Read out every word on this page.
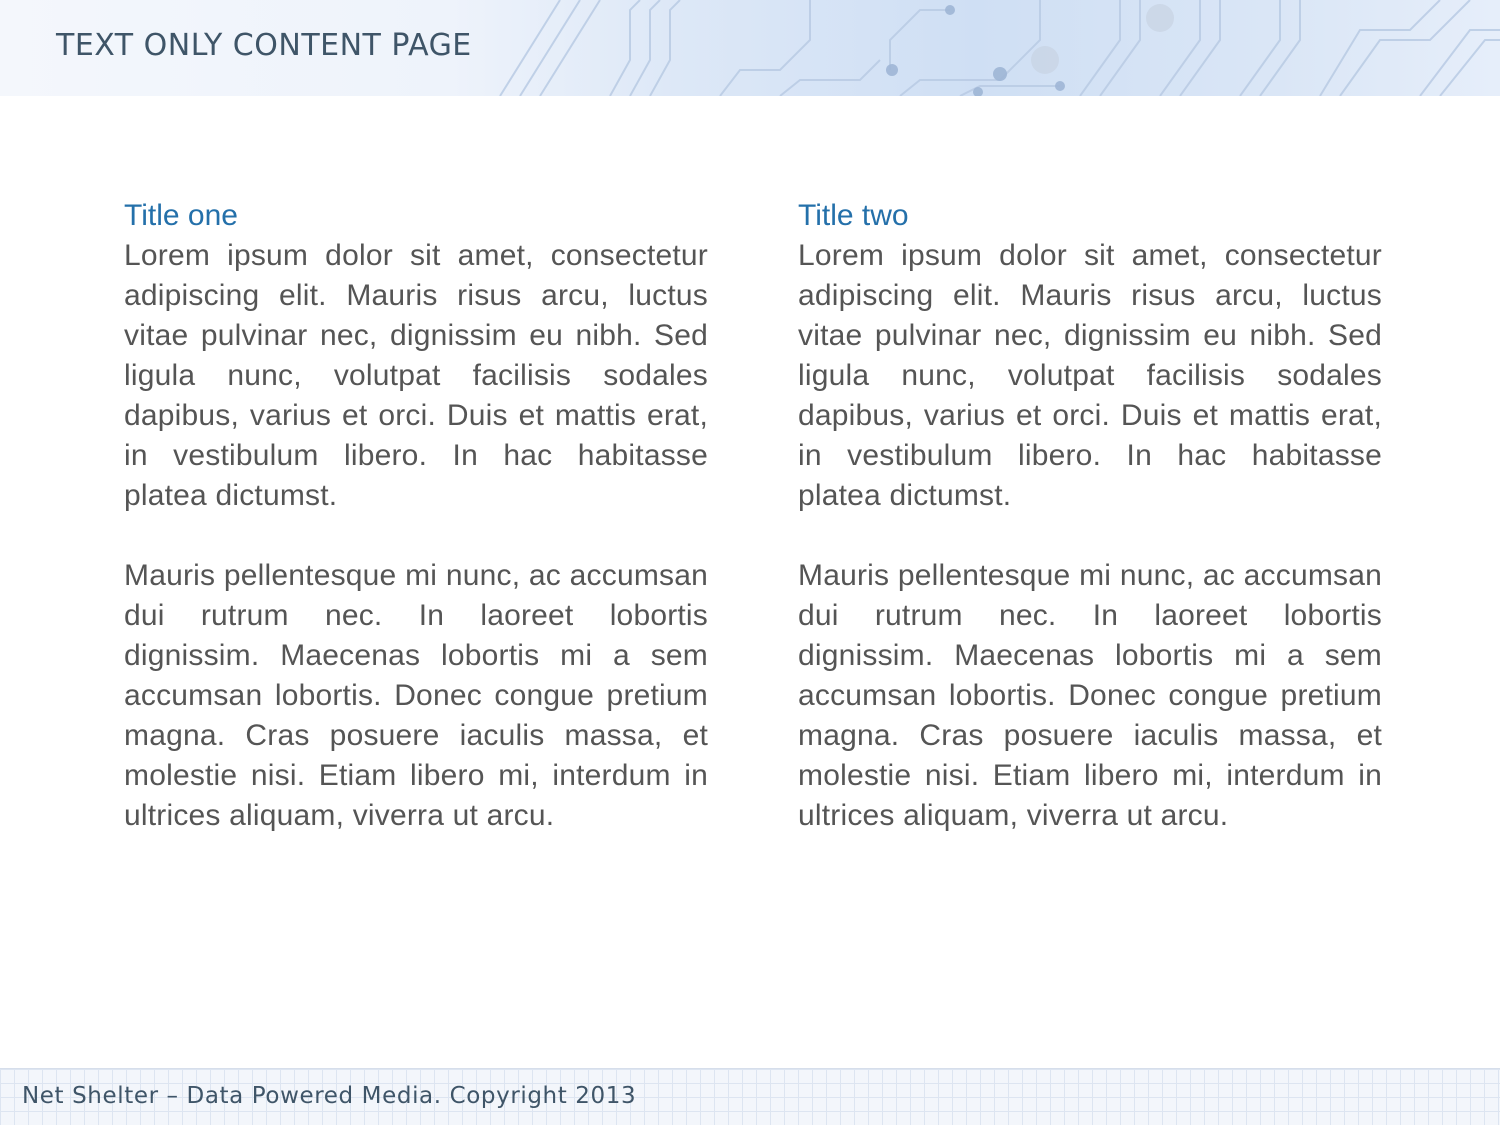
TEXT ONLY CONTENT PAGE
Title one

Lorem ipsum dolor sit amet, consectetur adipiscing elit. Mauris risus arcu, luctus vitae pulvinar nec, dignissim eu nibh. Sed ligula nunc, volutpat facilisis sodales dapibus, varius et orci. Duis et mattis erat, in vestibulum libero. In hac habitasse platea dictumst.

Mauris pellentesque mi nunc, ac accumsan dui rutrum nec. In laoreet lobortis dignissim. Maecenas lobortis mi a sem accumsan lobortis. Donec congue pretium magna. Cras posuere iaculis massa, et molestie nisi. Etiam libero mi, interdum in ultrices aliquam, viverra ut arcu.

Title two

Lorem ipsum dolor sit amet, consectetur adipiscing elit. Mauris risus arcu, luctus vitae pulvinar nec, dignissim eu nibh. Sed ligula nunc, volutpat facilisis sodales dapibus, varius et orci. Duis et mattis erat, in vestibulum libero. In hac habitasse platea dictumst.

Mauris pellentesque mi nunc, ac accumsan dui rutrum nec. In laoreet lobortis dignissim. Maecenas lobortis mi a sem accumsan lobortis. Donec congue pretium magna. Cras posuere iaculis massa, et molestie nisi. Etiam libero mi, interdum in ultrices aliquam, viverra ut arcu.

Net Shelter – Data Powered Media. Copyright 2013
